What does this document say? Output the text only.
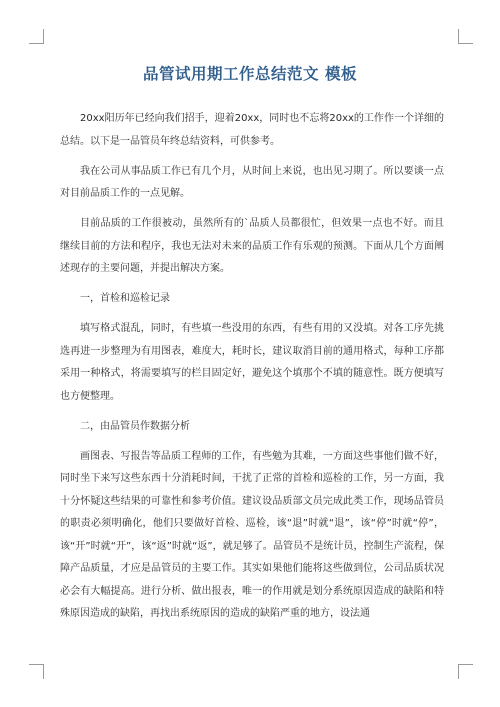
品管试用期工作总结范文 模板

20xx阳历年已经向我们招手，迎着20xx，同时也不忘将20xx的工作作一个详细的总结。以下是一品管员年终总结资料，可供参考。

我在公司从事品质工作已有几个月，从时间上来说，也出见习期了。所以要谈一点对目前品质工作的一点见解。

目前品质的工作很被动，虽然所有的`品质人员都很忙，但效果一点也不好。而且继续目前的方法和程序，我也无法对未来的品质工作有乐观的预测。下面从几个方面阐述现存的主要问题，并提出解决方案。

一，首检和巡检记录

填写格式混乱，同时，有些填一些没用的东西，有些有用的又没填。对各工序先挑选再进一步整理为有用图表，难度大，耗时长，建议取消目前的通用格式，每种工序都采用一种格式，将需要填写的栏目固定好，避免这个填那个不填的随意性。既方便填写也方便整理。

二，由品管员作数据分析

画图表、写报告等品质工程师的工作，有些勉为其难，一方面这些事他们做不好，同时坐下来写这些东西十分消耗时间，干扰了正常的首检和巡检的工作，另一方面，我十分怀疑这些结果的可靠性和参考价值。建议设品质部文员完成此类工作，现场品管员的职责必须明确化，他们只要做好首检、巡检，该“退”时就“退”，该“停”时就“停”，该“开”时就“开”，该“返”时就“返”，就足够了。品管员不是统计员，控制生产流程，保障产品质量，才应是品管员的主要工作。其实如果他们能将这些做到位，公司品质状况必会有大幅提高。进行分析、做出报表，唯一的作用就是划分系统原因造成的缺陷和特殊原因造成的缺陷，再找出系统原因的造成的缺陷严重的地方，设法通
